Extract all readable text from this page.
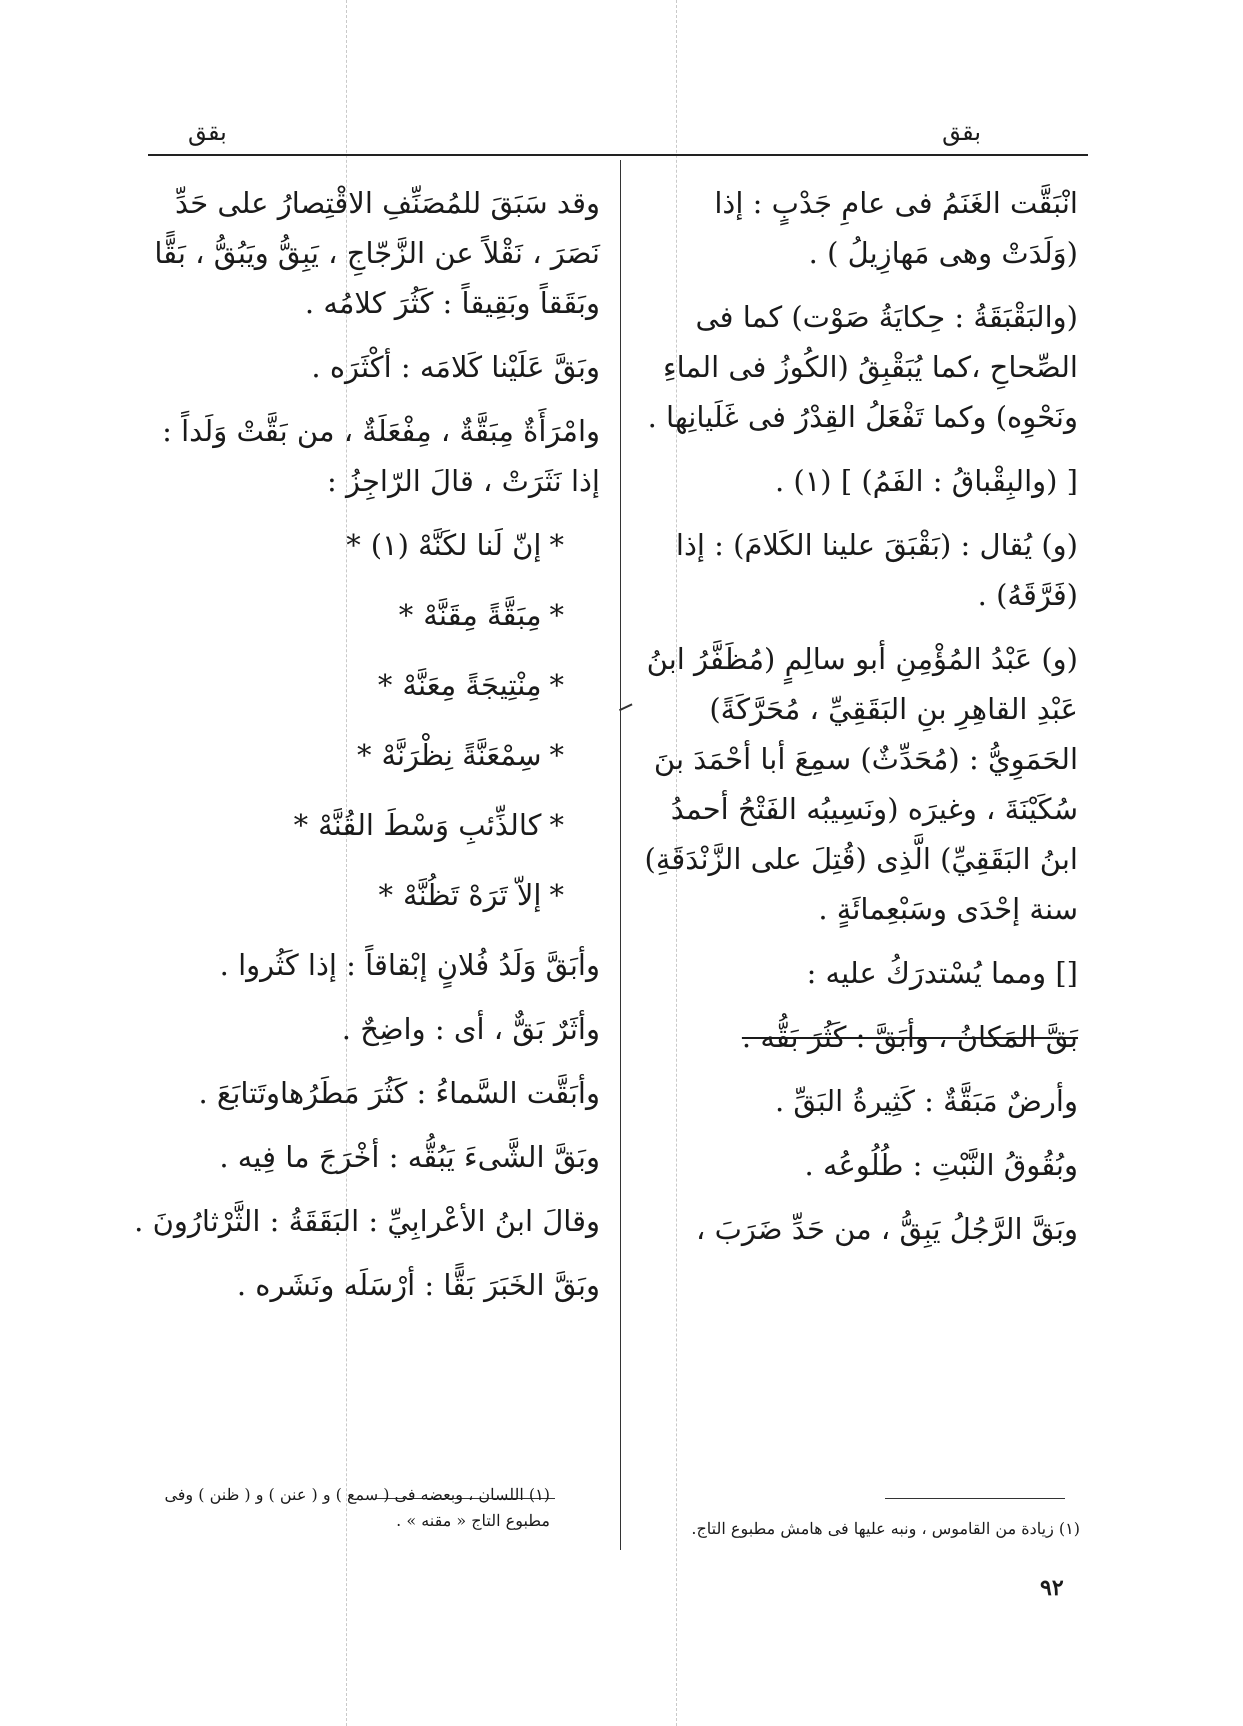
بقق
بقق

انْبَقَّت الغَنَمُ فى عامِ جَدْبٍ : إذا (وَلَدَتْ وهى مَهازِيلُ ) .

(والبَقْبَقَةُ : حِكايَةُ صَوْت) كما فى الصِّحاحِ ،كما يُبَقْبِقُ (الكُوزُ فى الماءِ ونَحْوِه) وكما تَفْعَلُ القِدْرُ فى غَلَيانِها .

[ (والبِقْباقُ : الفَمُ) ] (١) .

(و) يُقال : (بَقْبَقَ علينا الكَلامَ) : إذا (فَرَّقَهُ) .

(و) عَبْدُ المُؤْمِنِ أبو سالِمٍ (مُظَفَّرُ ابنُ عَبْدِ القاهِرِ بنِ البَقَقِيِّ ، مُحَرَّكَةً) الحَمَوِيُّ : (مُحَدِّثٌ) سمِعَ أبا أحْمَدَ بنَ سُكَيْنَةَ ، وغيرَه (ونَسِيبُه الفَتْحُ أحمدُ ابنُ البَقَقِيِّ) الَّذِى (قُتِلَ على الزَّنْدَقَةِ) سنة إحْدَى وسَبْعِمائَةٍ .

[] ومما يُسْتدرَكُ عليه :

بَقَّ المَكانُ ، وأبَقَّ : كَثُرَ بَقُّه .

وأرضٌ مَبَقَّةٌ : كَثِيرةُ البَقِّ .

وبُقُوقُ النَّبْتِ : طُلُوعُه .

وبَقَّ الرَّجُلُ يَبِقُّ ، من حَدِّ ضَرَبَ ،

وقد سَبَقَ للمُصَنِّفِ الاقْتِصارُ على حَدِّ نَصَرَ ، نَقْلاً عن الزَّجّاجِ ، يَبِقُّ ويَبُقُّ ، بَقًّا وبَقَقاً وبَقِيقاً : كَثُرَ كلامُه .

وبَقَّ عَلَيْنا كَلامَه : أكْثَرَه .

وامْرَأَةٌ مِبَقَّةٌ ، مِفْعَلَةٌ ، من بَقَّتْ وَلَداً : إذا نَثَرَتْ ، قالَ الرّاجِزُ :

* إنّ لَنا لكَنَّهْ (١) *

* مِبَقَّةً مِقَنَّهْ *

* مِنْتِيجَةً مِعَنَّهْ *

* سِمْعَنَّةً نِظْرَنَّهْ *

* كالذِّئبِ وَسْطَ القُنَّهْ *

* إلاّ تَرَهْ تَظُنَّهْ *

وأبَقَّ وَلَدُ فُلانٍ إبْقاقاً : إذا كَثُروا .

وأثَرٌ بَقٌّ ، أى : واضِحٌ .

وأبَقَّت السَّماءُ : كَثُرَ مَطَرُهاوتَتابَعَ .

وبَقَّ الشَّىءَ يَبُقُّه : أخْرَجَ ما فِيه .

وقالَ ابنُ الأعْرابِيِّ : البَقَقَةُ : الثَّرْثارُونَ .

وبَقَّ الخَبَرَ بَقًّا : أرْسَلَه ونَشَره .

(١) اللسان ، وبعضه فى ( سمع ) و ( عنن ) و ( ظنن ) وفى مطبوع التاج « مقنه » .	(١) زيادة من القاموس ، ونبه عليها فى هامش مطبوع التاج.
٩٢
